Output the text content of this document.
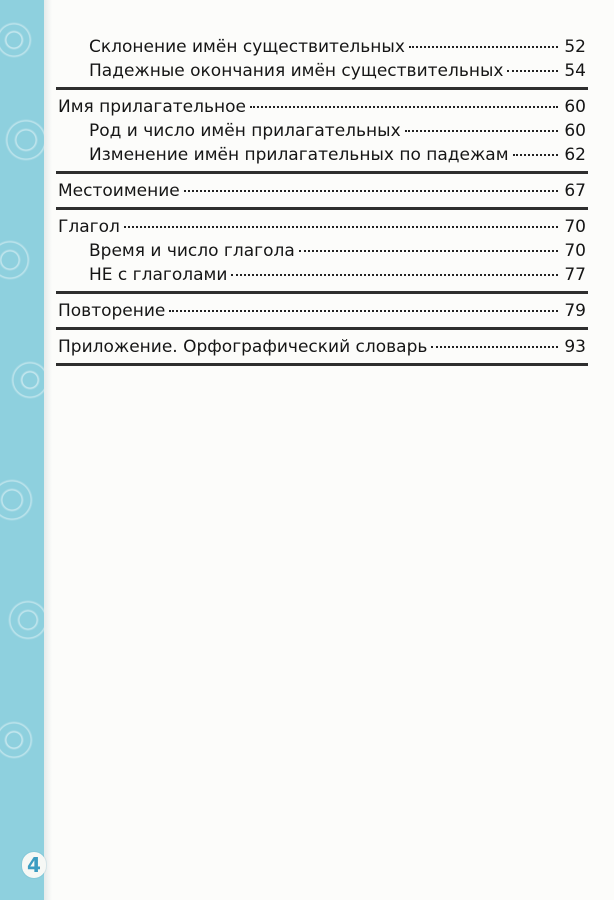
Склонение имён существительных	52
Падежные окончания имён существительных	54
Имя прилагательное	60
Род и число имён прилагательных	60
Изменение имён прилагательных по падежам	62
Местоимение	67
Глагол	70
Время и число глагола	70
НЕ с глаголами	77
Повторение	79
Приложение. Орфографический словарь	93
4
